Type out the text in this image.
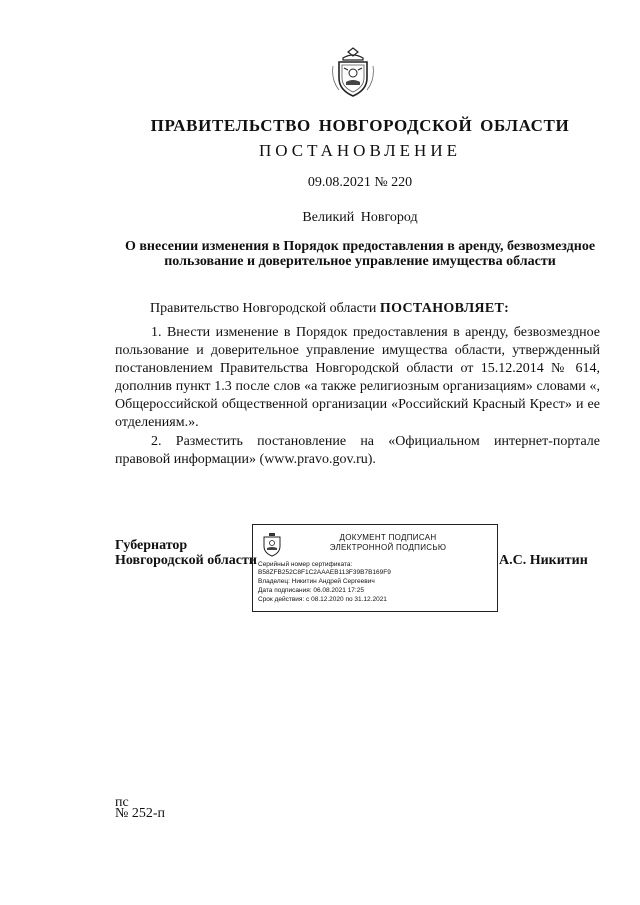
ПРАВИТЕЛЬСТВО НОВГОРОДСКОЙ ОБЛАСТИ
ПОСТАНОВЛЕНИЕ
09.08.2021 № 220
Великий Новгород
О внесении изменения в Порядок предоставления в аренду, безвозмездное пользование и доверительное управление имущества области
Правительство Новгородской области ПОСТАНОВЛЯЕТ:
1. Внести изменение в Порядок предоставления в аренду, безвозмездное пользование и доверительное управление имущества области, утвержденный постановлением Правительства Новгородской области от 15.12.2014 № 614, дополнив пункт 1.3 после слов «а также религиозным организациям» словами «, Общероссийской общественной организации «Российский Красный Крест» и ее отделениям.».
2. Разместить постановление на «Официальном интернет-портале правовой информации» (www.pravo.gov.ru).
Губернатор
Новгородской области
ДОКУМЕНТ ПОДПИСАН
ЭЛЕКТРОННОЙ ПОДПИСЬЮ
Серийный номер сертификата:
B58ZFB252C8F1C2AAAEB113F39B7B169F9
Владелец: Никитин Андрей Сергеевич
Дата подписания: 06.08.2021 17:25
Срок действия: с 08.12.2020 по 31.12.2021
А.С. Никитин
пс
№ 252-п
